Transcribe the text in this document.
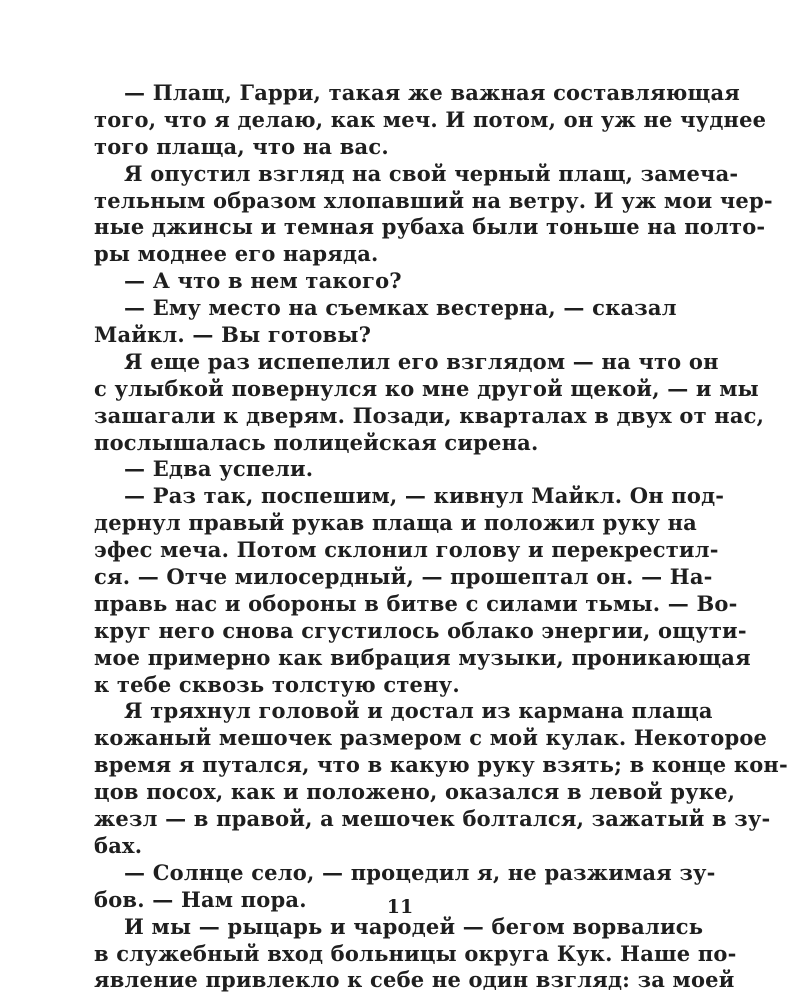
— Плащ, Гарри, такая же важная составляющая
того, что я делаю, как меч. И потом, он уж не чуднее
того плаща, что на вас.
Я опустил взгляд на свой черный плащ, замеча-
тельным образом хлопавший на ветру. И уж мои чер-
ные джинсы и темная рубаха были тоньше на полто-
ры моднее его наряда.
— А что в нем такого?
— Ему место на съемках вестерна, — сказал
Майкл. — Вы готовы?
Я еще раз испепелил его взглядом — на что он
с улыбкой повернулся ко мне другой щекой, — и мы
зашагали к дверям. Позади, кварталах в двух от нас,
послышалась полицейская сирена.
— Едва успели.
— Раз так, поспешим, — кивнул Майкл. Он под-
дернул правый рукав плаща и положил руку на
эфес меча. Потом склонил голову и перекрестил-
ся. — Отче милосердный, — прошептал он. — На-
правь нас и обороны в битве с силами тьмы. — Во-
круг него снова сгустилось облако энергии, ощути-
мое примерно как вибрация музыки, проникающая
к тебе сквозь толстую стену.
Я тряхнул головой и достал из кармана плаща
кожаный мешочек размером с мой кулак. Некоторое
время я путался, что в какую руку взять; в конце кон-
цов посох, как и положено, оказался в левой руке,
жезл — в правой, а мешочек болтался, зажатый в зу-
бах.
— Солнце село, — процедил я, не разжимая зу-
бов. — Нам пора.
И мы — рыцарь и чародей — бегом ворвались
в служебный вход больницы округа Кук. Наше по-
явление привлекло к себе не один взгляд: за моей
11
